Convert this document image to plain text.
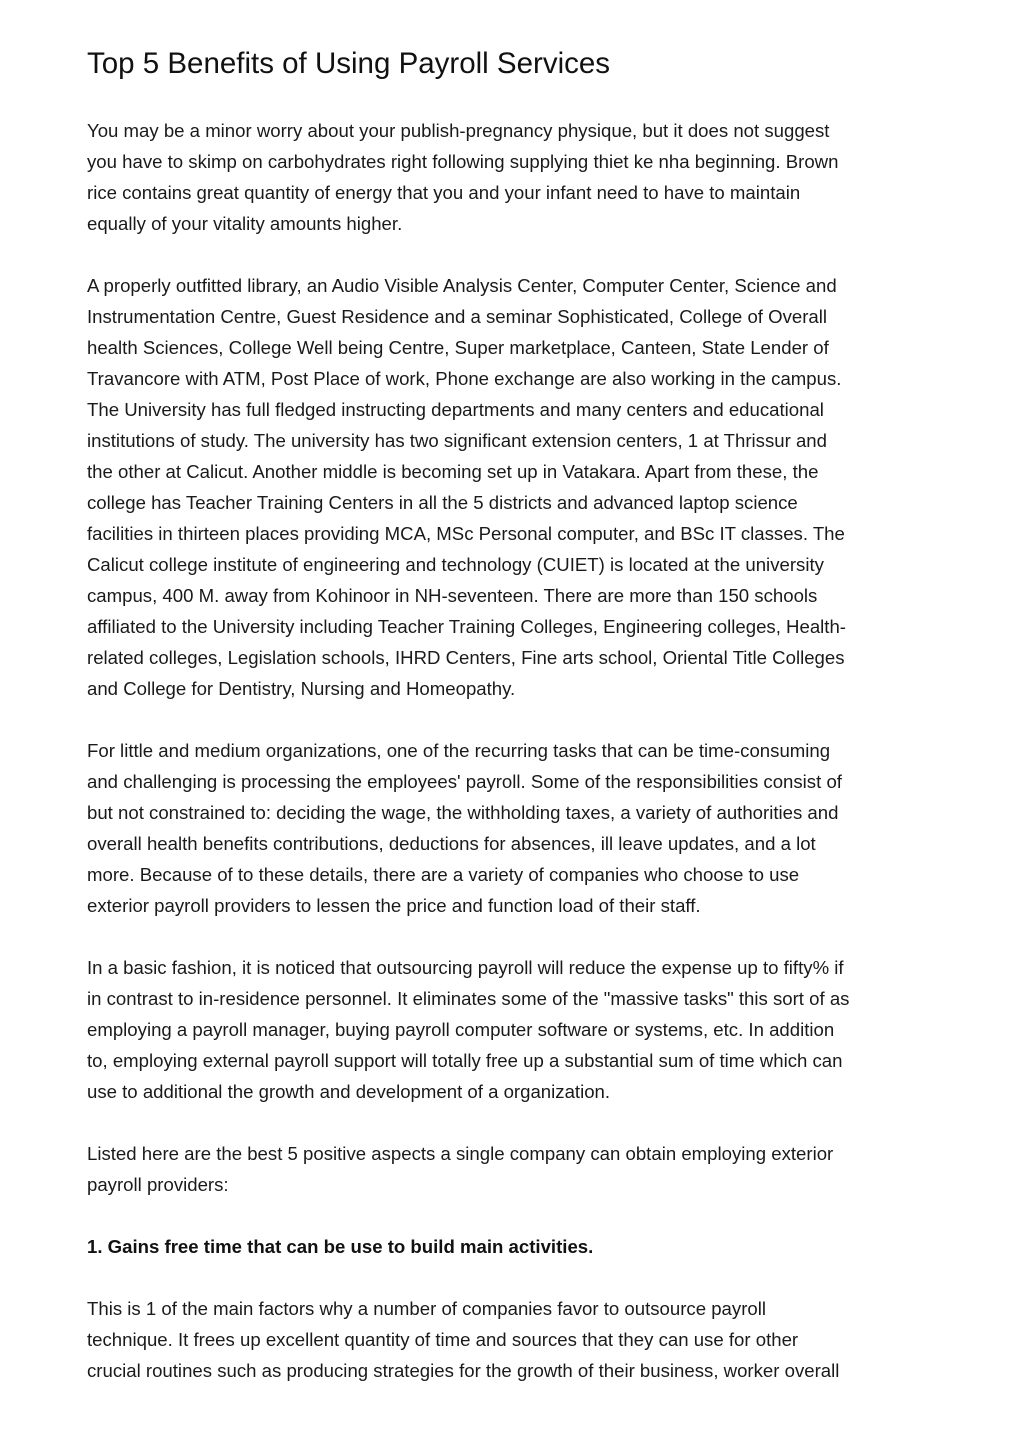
Top 5 Benefits of Using Payroll Services

You may be a minor worry about your publish-pregnancy physique, but it does not suggest
you have to skimp on carbohydrates right following supplying thiet ke nha beginning. Brown
rice contains great quantity of energy that you and your infant need to have to maintain
equally of your vitality amounts higher.

A properly outfitted library, an Audio Visible Analysis Center, Computer Center, Science and
Instrumentation Centre, Guest Residence and a seminar Sophisticated, College of Overall
health Sciences, College Well being Centre, Super marketplace, Canteen, State Lender of
Travancore with ATM, Post Place of work, Phone exchange are also working in the campus.
The University has full fledged instructing departments and many centers and educational
institutions of study. The university has two significant extension centers, 1 at Thrissur and
the other at Calicut. Another middle is becoming set up in Vatakara. Apart from these, the
college has Teacher Training Centers in all the 5 districts and advanced laptop science
facilities in thirteen places providing MCA, MSc Personal computer, and BSc IT classes. The
Calicut college institute of engineering and technology (CUIET) is located at the university
campus, 400 M. away from Kohinoor in NH-seventeen. There are more than 150 schools
affiliated to the University including Teacher Training Colleges, Engineering colleges, Health-
related colleges, Legislation schools, IHRD Centers, Fine arts school, Oriental Title Colleges
and College for Dentistry, Nursing and Homeopathy.

For little and medium organizations, one of the recurring tasks that can be time-consuming
and challenging is processing the employees' payroll. Some of the responsibilities consist of
but not constrained to: deciding the wage, the withholding taxes, a variety of authorities and
overall health benefits contributions, deductions for absences, ill leave updates, and a lot
more. Because of to these details, there are a variety of companies who choose to use
exterior payroll providers to lessen the price and function load of their staff.

In a basic fashion, it is noticed that outsourcing payroll will reduce the expense up to fifty% if
in contrast to in-residence personnel. It eliminates some of the "massive tasks" this sort of as
employing a payroll manager, buying payroll computer software or systems, etc. In addition
to, employing external payroll support will totally free up a substantial sum of time which can
use to additional the growth and development of a organization.

Listed here are the best 5 positive aspects a single company can obtain employing exterior
payroll providers:

1. Gains free time that can be use to build main activities.

This is 1 of the main factors why a number of companies favor to outsource payroll
technique. It frees up excellent quantity of time and sources that they can use for other
crucial routines such as producing strategies for the growth of their business, worker overall
